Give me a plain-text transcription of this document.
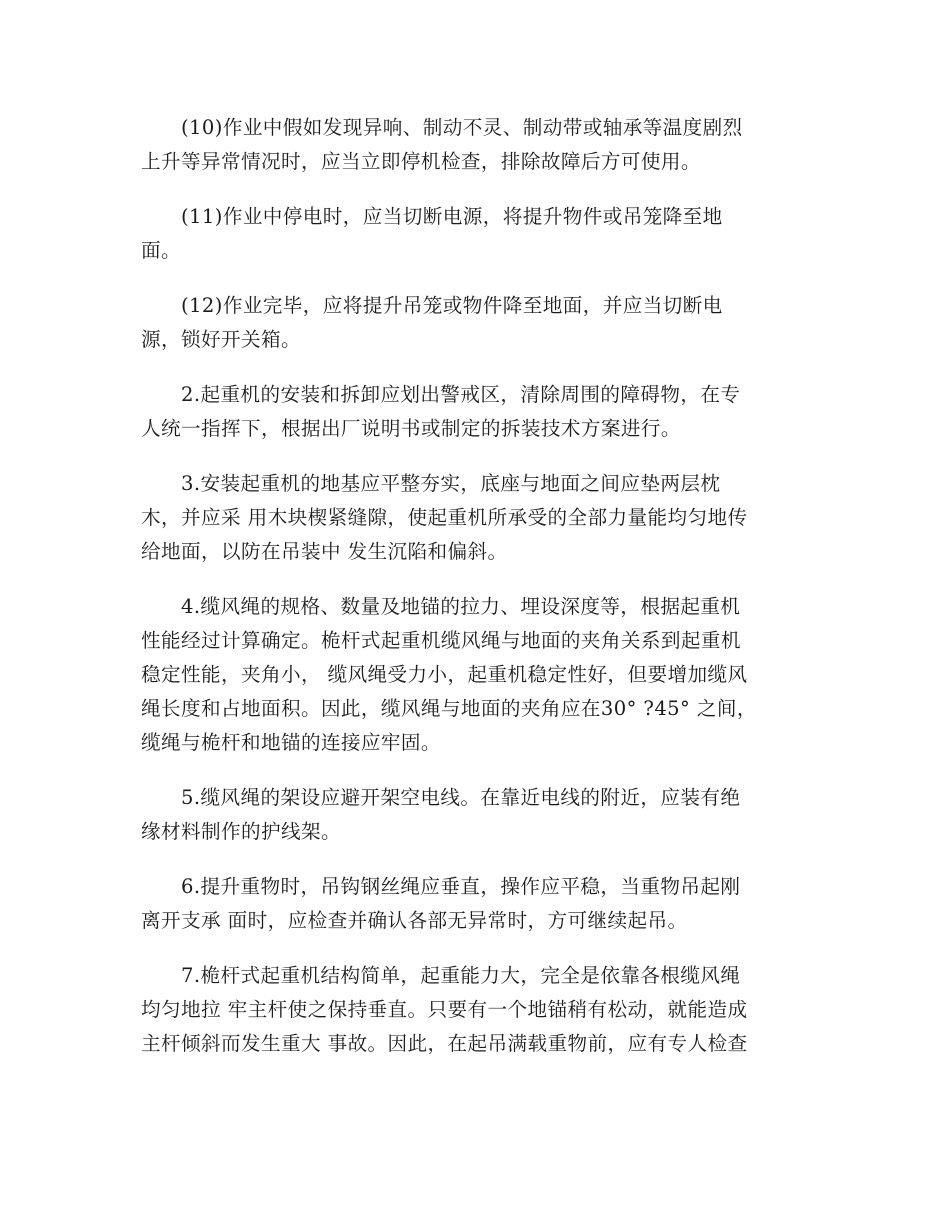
(10)作业中假如发现异响、制动不灵、制动带或轴承等温度剧烈
上升等异常情况时，应当立即停机检查，排除故障后方可使用。

(11)作业中停电时，应当切断电源，将提升物件或吊笼降至地
面。

(12)作业完毕，应将提升吊笼或物件降至地面，并应当切断电
源，锁好开关箱。

2.起重机的安装和拆卸应划出警戒区，清除周围的障碍物，在专
人统一指挥下，根据出厂说明书或制定的拆装技术方案进行。

3.安装起重机的地基应平整夯实，底座与地面之间应垫两层枕
木，并应采 用木块楔紧缝隙，使起重机所承受的全部力量能均匀地传
给地面，以防在吊装中 发生沉陷和偏斜。

4.缆风绳的规格、数量及地锚的拉力、埋设深度等，根据起重机
性能经过计算确定。桅杆式起重机缆风绳与地面的夹角关系到起重机
稳定性能，夹角小， 缆风绳受力小，起重机稳定性好，但要增加缆风
绳长度和占地面积。因此，缆风绳与地面的夹角应在30° ?45° 之间，
缆绳与桅杆和地锚的连接应牢固。

5.缆风绳的架设应避开架空电线。在靠近电线的附近，应装有绝
缘材料制作的护线架。

6.提升重物时，吊钩钢丝绳应垂直，操作应平稳，当重物吊起刚
离开支承 面时，应检查并确认各部无异常时，方可继续起吊。

7.桅杆式起重机结构简单，起重能力大，完全是依靠各根缆风绳
均匀地拉 牢主杆使之保持垂直。只要有一个地锚稍有松动，就能造成
主杆倾斜而发生重大 事故。因此，在起吊满载重物前，应有专人检查
